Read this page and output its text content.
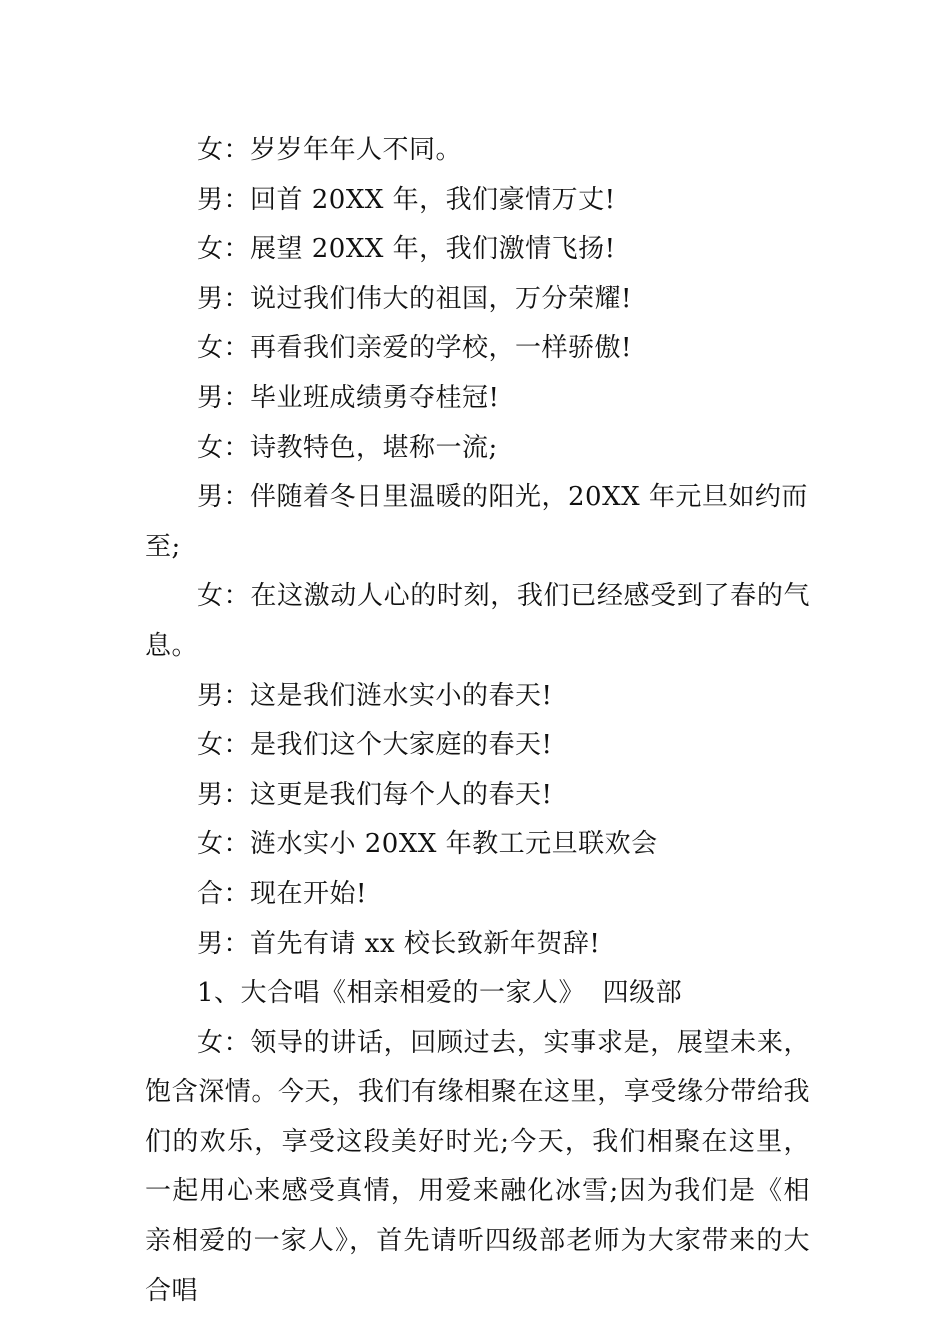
女：岁岁年年人不同。

男：回首 20XX 年，我们豪情万丈!

女：展望 20XX 年，我们激情飞扬!

男：说过我们伟大的祖国，万分荣耀!

女：再看我们亲爱的学校，一样骄傲!

男：毕业班成绩勇夺桂冠!

女：诗教特色，堪称一流;

男：伴随着冬日里温暖的阳光，20XX 年元旦如约而至;

女：在这激动人心的时刻，我们已经感受到了春的气息。

男：这是我们涟水实小的春天!

女：是我们这个大家庭的春天!

男：这更是我们每个人的春天!

女：涟水实小 20XX 年教工元旦联欢会

合：现在开始!

男：首先有请 xx 校长致新年贺辞!

1、大合唱《相亲相爱的一家人》  四级部

女：领导的讲话，回顾过去，实事求是，展望未来，饱含深情。今天，我们有缘相聚在这里，享受缘分带给我们的欢乐，享受这段美好时光;今天，我们相聚在这里，一起用心来感受真情，用爱来融化冰雪;因为我们是《相亲相爱的一家人》，首先请听四级部老师为大家带来的大合唱
